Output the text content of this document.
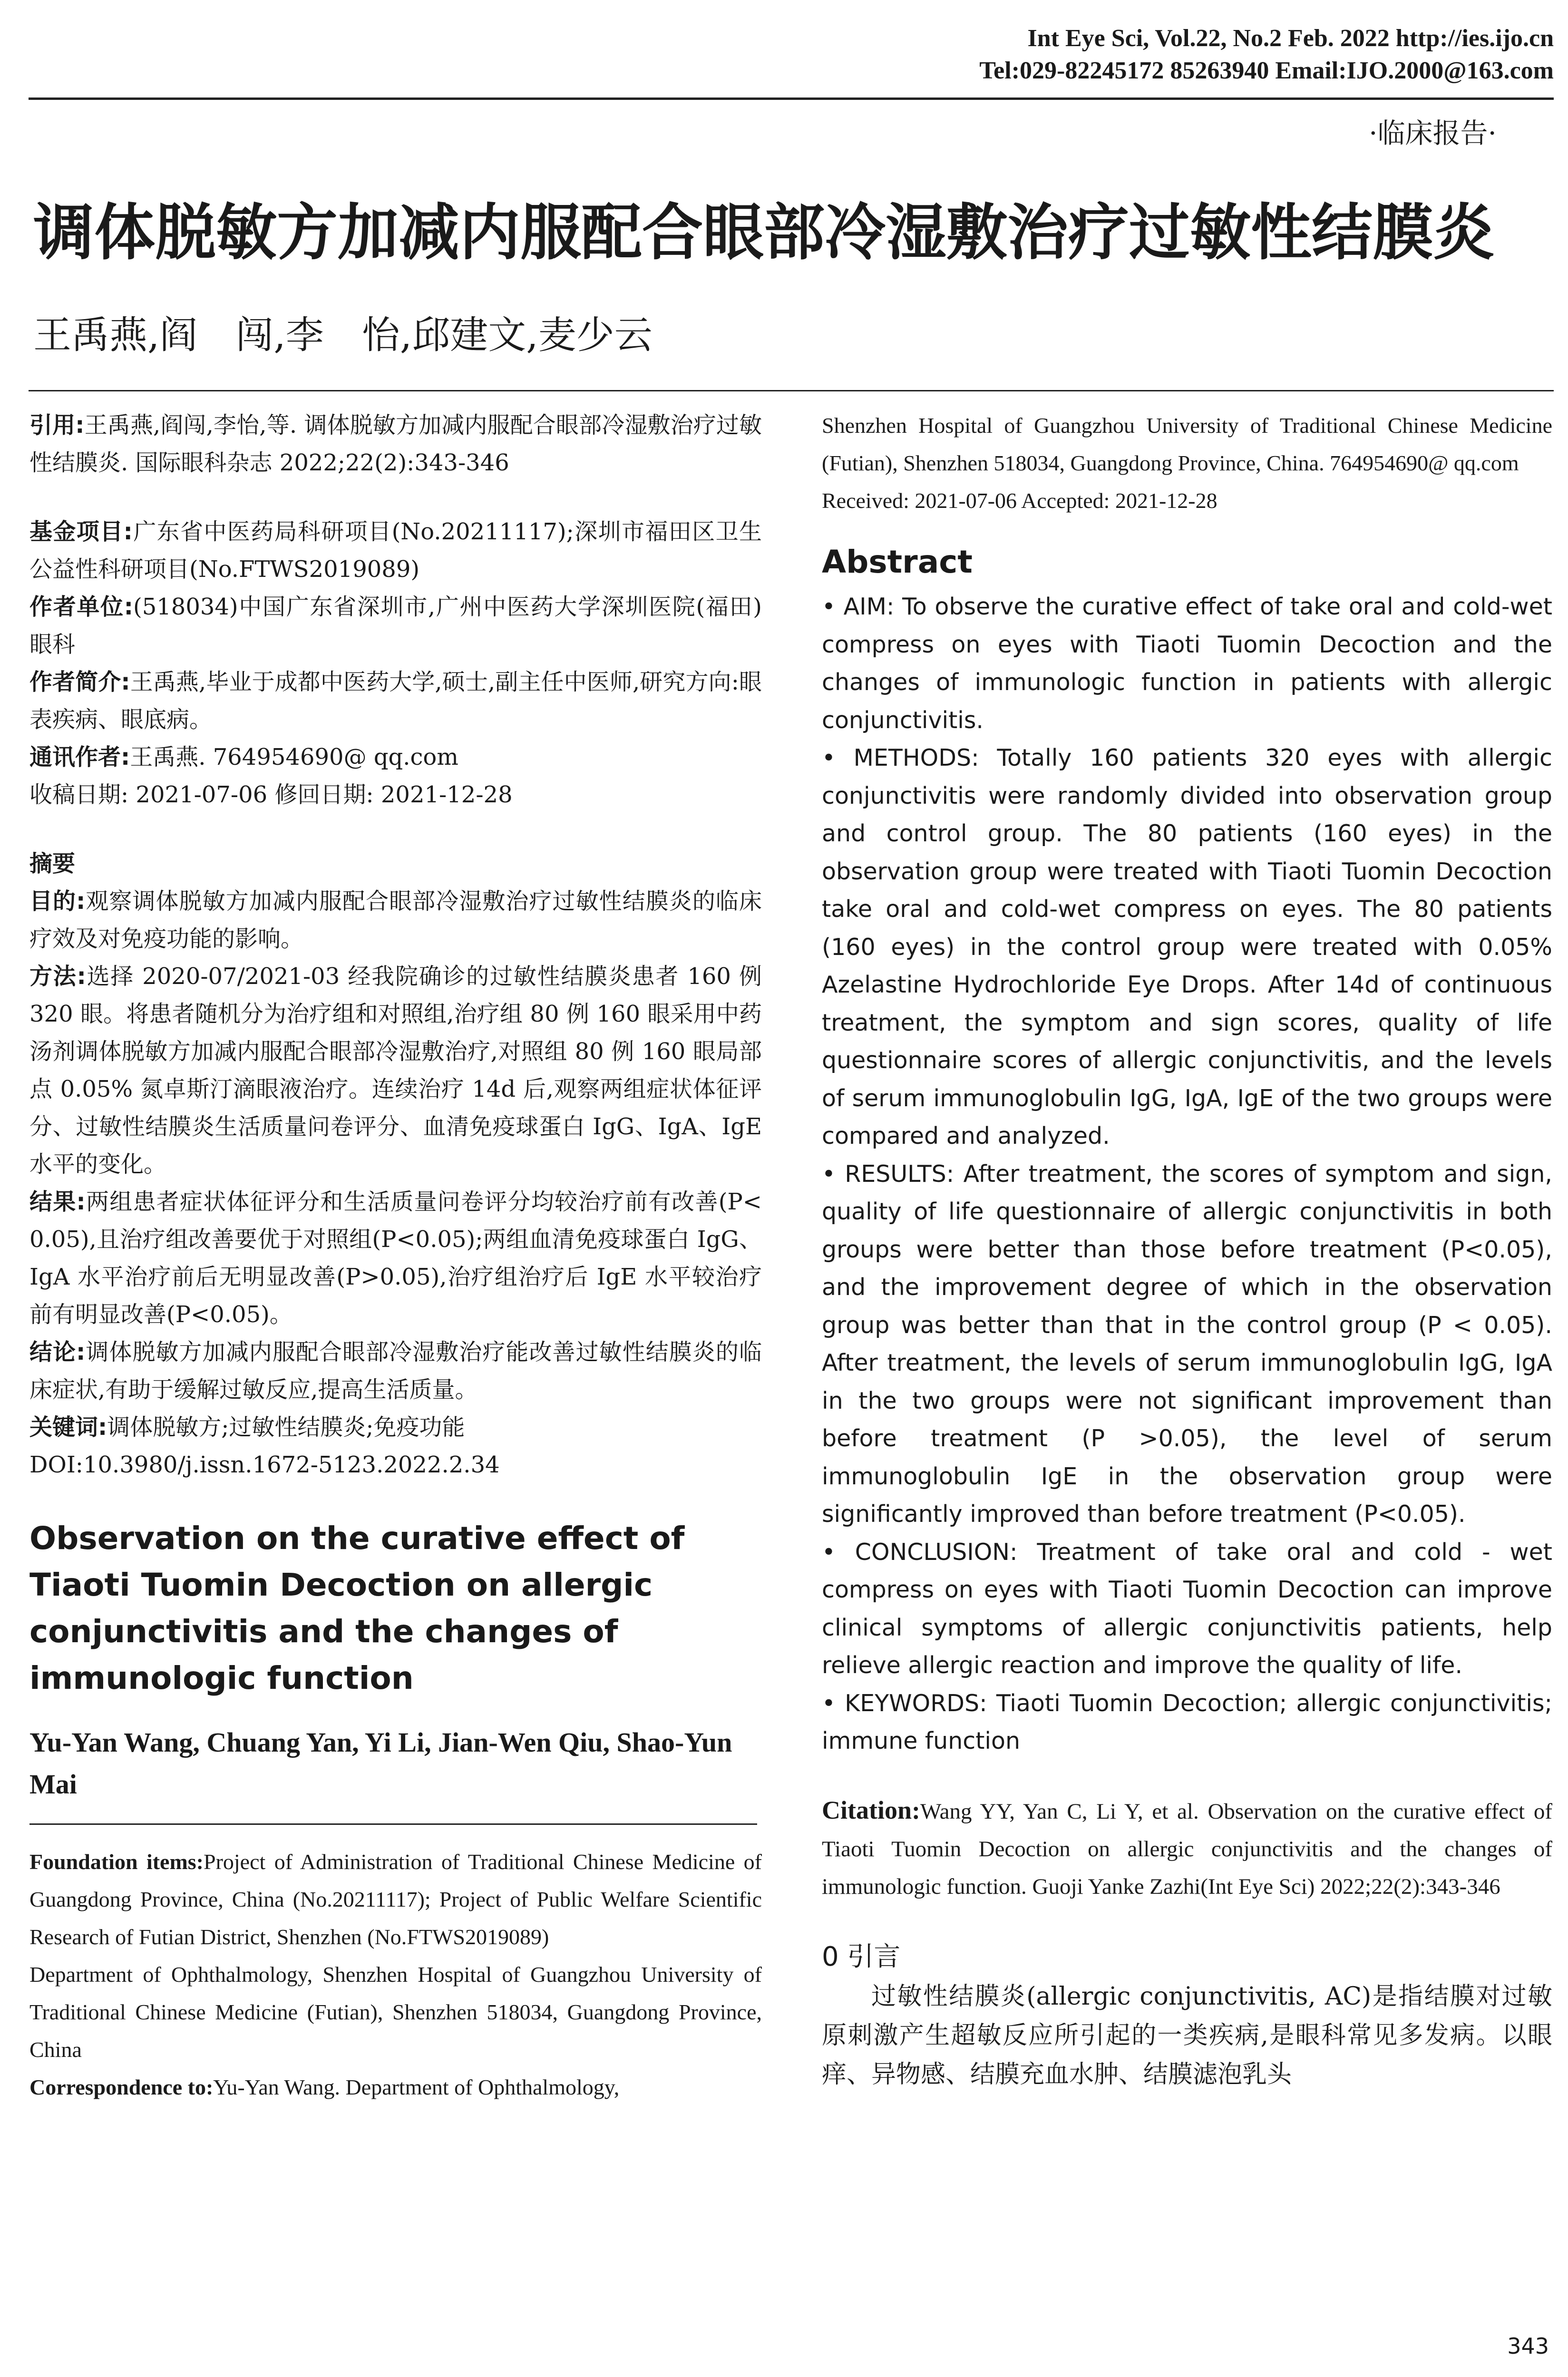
Int Eye Sci, Vol.22, No.2 Feb. 2022 http://ies.ijo.cn
Tel:029-82245172 85263940 Email:IJO.2000@163.com
·临床报告·
调体脱敏方加减内服配合眼部冷湿敷治疗过敏性结膜炎
王禹燕,阎　闯,李　怡,邱建文,麦少云

引用:王禹燕,阎闯,李怡,等. 调体脱敏方加减内服配合眼部冷湿敷治疗过敏性结膜炎. 国际眼科杂志 2022;22(2):343-346

基金项目:广东省中医药局科研项目(No.20211117);深圳市福田区卫生公益性科研项目(No.FTWS2019089)

作者单位:(518034)中国广东省深圳市,广州中医药大学深圳医院(福田)眼科

作者简介:王禹燕,毕业于成都中医药大学,硕士,副主任中医师,研究方向:眼表疾病、眼底病。

通讯作者:王禹燕. 764954690@ qq.com

收稿日期: 2021-07-06 修回日期: 2021-12-28

摘要

目的:观察调体脱敏方加减内服配合眼部冷湿敷治疗过敏性结膜炎的临床疗效及对免疫功能的影响。

方法:选择 2020-07/2021-03 经我院确诊的过敏性结膜炎患者 160 例 320 眼。将患者随机分为治疗组和对照组,治疗组 80 例 160 眼采用中药汤剂调体脱敏方加减内服配合眼部冷湿敷治疗,对照组 80 例 160 眼局部点 0.05% 氮卓斯汀滴眼液治疗。连续治疗 14d 后,观察两组症状体征评分、过敏性结膜炎生活质量问卷评分、血清免疫球蛋白 IgG、IgA、IgE 水平的变化。

结果:两组患者症状体征评分和生活质量问卷评分均较治疗前有改善(P<0.05),且治疗组改善要优于对照组(P<0.05);两组血清免疫球蛋白 IgG、IgA 水平治疗前后无明显改善(P>0.05),治疗组治疗后 IgE 水平较治疗前有明显改善(P<0.05)。

结论:调体脱敏方加减内服配合眼部冷湿敷治疗能改善过敏性结膜炎的临床症状,有助于缓解过敏反应,提高生活质量。

关键词:调体脱敏方;过敏性结膜炎;免疫功能

DOI:10.3980/j.issn.1672-5123.2022.2.34

Observation on the curative effect of Tiaoti Tuomin Decoction on allergic conjunctivitis and the changes of immunologic function

Yu-Yan Wang, Chuang Yan, Yi Li, Jian-Wen Qiu, Shao-Yun Mai

Foundation items:Project of Administration of Traditional Chinese Medicine of Guangdong Province, China (No.20211117); Project of Public Welfare Scientific Research of Futian District, Shenzhen (No.FTWS2019089)

Department of Ophthalmology, Shenzhen Hospital of Guangzhou University of Traditional Chinese Medicine (Futian), Shenzhen 518034, Guangdong Province, China

Correspondence to:Yu-Yan Wang. Department of Ophthalmology,

Shenzhen Hospital of Guangzhou University of Traditional Chinese Medicine (Futian), Shenzhen 518034, Guangdong Province, China. 764954690@ qq.com

Received: 2021-07-06 Accepted: 2021-12-28

Abstract

• AIM: To observe the curative effect of take oral and cold-wet compress on eyes with Tiaoti Tuomin Decoction and the changes of immunologic function in patients with allergic conjunctivitis.

• METHODS: Totally 160 patients 320 eyes with allergic conjunctivitis were randomly divided into observation group and control group. The 80 patients (160 eyes) in the observation group were treated with Tiaoti Tuomin Decoction take oral and cold-wet compress on eyes. The 80 patients (160 eyes) in the control group were treated with 0.05% Azelastine Hydrochloride Eye Drops. After 14d of continuous treatment, the symptom and sign scores, quality of life questionnaire scores of allergic conjunctivitis, and the levels of serum immunoglobulin IgG, IgA, IgE of the two groups were compared and analyzed.

• RESULTS: After treatment, the scores of symptom and sign, quality of life questionnaire of allergic conjunctivitis in both groups were better than those before treatment (P<0.05), and the improvement degree of which in the observation group was better than that in the control group (P < 0.05). After treatment, the levels of serum immunoglobulin IgG, IgA in the two groups were not significant improvement than before treatment (P >0.05), the level of serum immunoglobulin IgE in the observation group were significantly improved than before treatment (P<0.05).

• CONCLUSION: Treatment of take oral and cold - wet compress on eyes with Tiaoti Tuomin Decoction can improve clinical symptoms of allergic conjunctivitis patients, help relieve allergic reaction and improve the quality of life.

• KEYWORDS: Tiaoti Tuomin Decoction; allergic conjunctivitis; immune function

Citation:Wang YY, Yan C, Li Y, et al. Observation on the curative effect of Tiaoti Tuomin Decoction on allergic conjunctivitis and the changes of immunologic function. Guoji Yanke Zazhi(Int Eye Sci) 2022;22(2):343-346

0 引言

过敏性结膜炎(allergic conjunctivitis, AC)是指结膜对过敏原刺激产生超敏反应所引起的一类疾病,是眼科常见多发病。以眼痒、异物感、结膜充血水肿、结膜滤泡乳头

343
